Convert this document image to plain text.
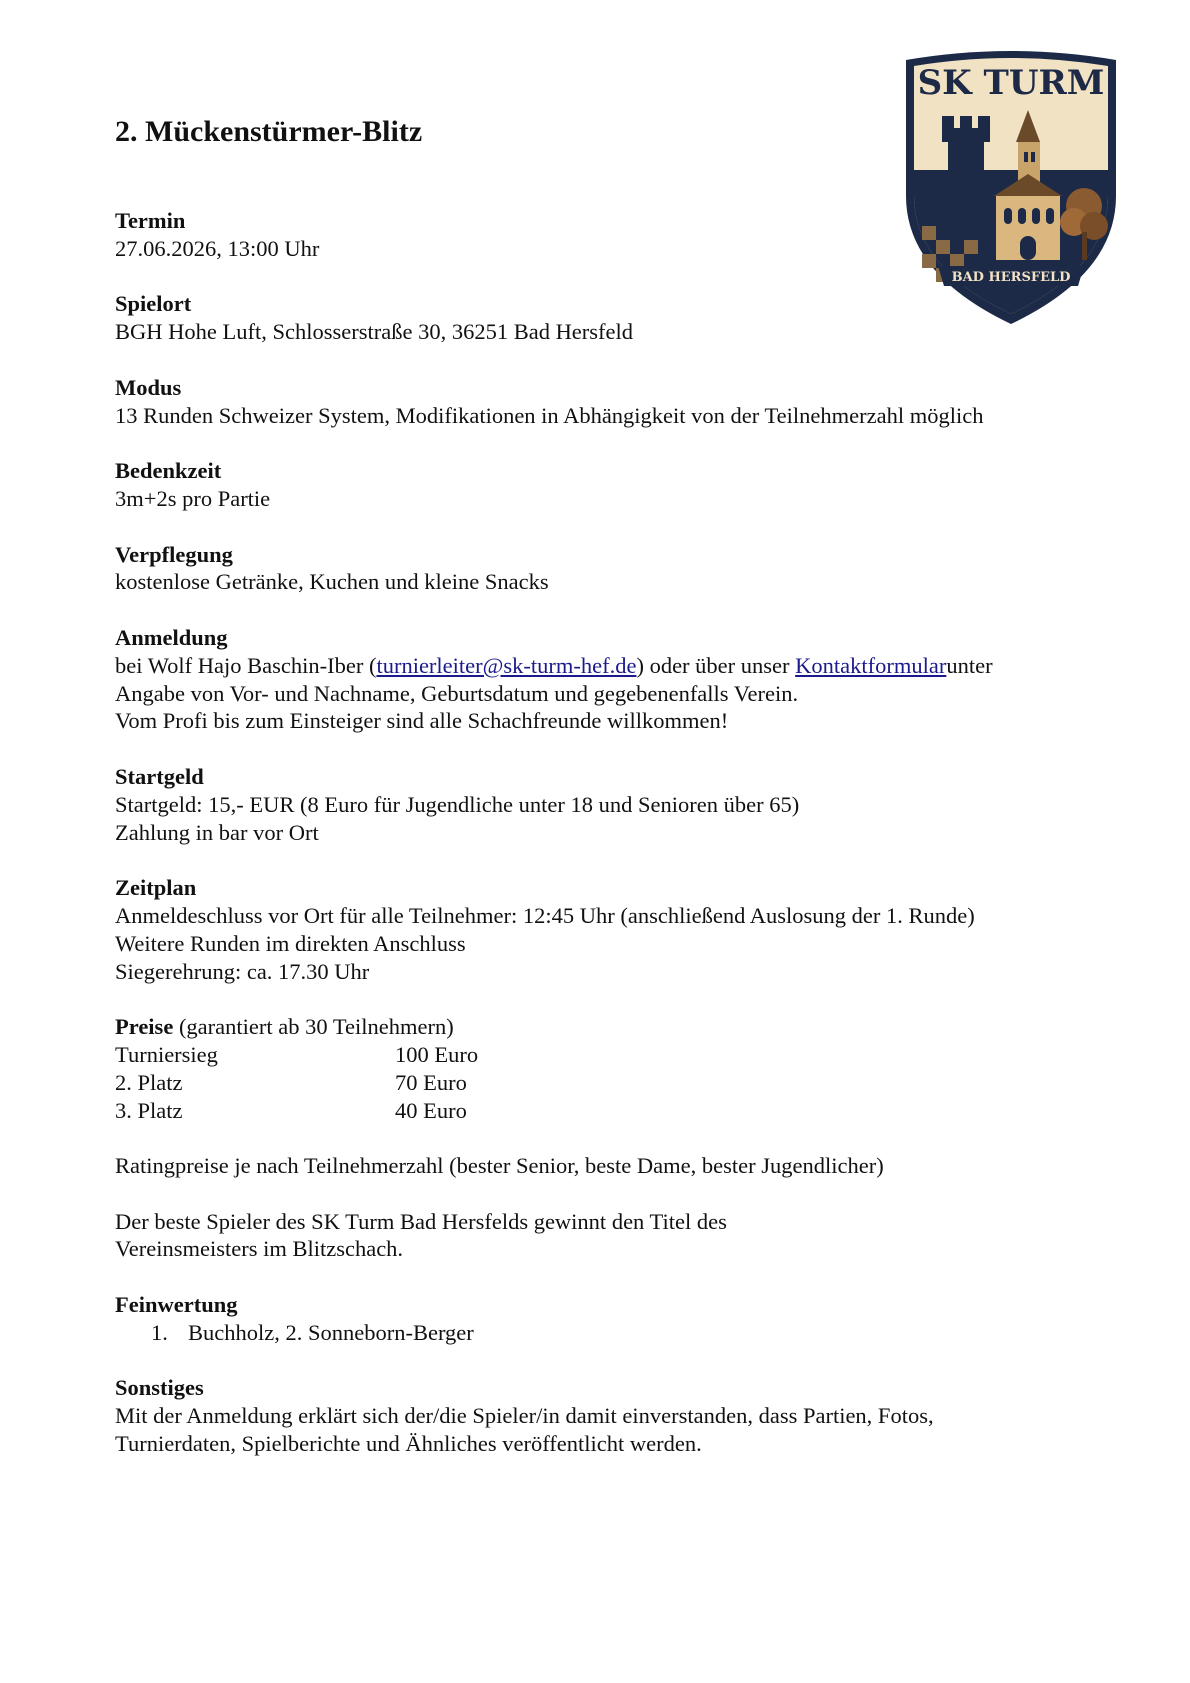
2. Mückenstürmer-Blitz
SK TURM
BAD HERSFELD
Termin
27.06.2026, 13:00 Uhr
Spielort
BGH Hohe Luft, Schlosserstraße 30, 36251 Bad Hersfeld
Modus
13 Runden Schweizer System, Modifikationen in Abhängigkeit von der Teilnehmerzahl möglich
Bedenkzeit
3m+2s pro Partie
Verpflegung
kostenlose Getränke, Kuchen und kleine Snacks
Anmeldung
bei Wolf Hajo Baschin-Iber (turnierleiter@sk-turm-hef.de) oder über unser Kontaktformularunter
Angabe von Vor- und Nachname, Geburtsdatum und gegebenenfalls Verein.
Vom Profi bis zum Einsteiger sind alle Schachfreunde willkommen!
Startgeld
Startgeld: 15,- EUR (8 Euro für Jugendliche unter 18 und Senioren über 65)
Zahlung in bar vor Ort
Zeitplan
Anmeldeschluss vor Ort für alle Teilnehmer: 12:45 Uhr (anschließend Auslosung der 1. Runde)
Weitere Runden im direkten Anschluss
Siegerehrung: ca. 17.30 Uhr
Preise (garantiert ab 30 Teilnehmern)
Turniersieg	100 Euro
2. Platz	70 Euro
3. Platz	40 Euro
Ratingpreise je nach Teilnehmerzahl (bester Senior, beste Dame, bester Jugendlicher)
Der beste Spieler des SK Turm Bad Hersfelds gewinnt den Titel des
Vereinsmeisters im Blitzschach.
Feinwertung
1. Buchholz, 2. Sonneborn-Berger
Sonstiges
Mit der Anmeldung erklärt sich der/die Spieler/in damit einverstanden, dass Partien, Fotos,
Turnierdaten, Spielberichte und Ähnliches veröffentlicht werden.
